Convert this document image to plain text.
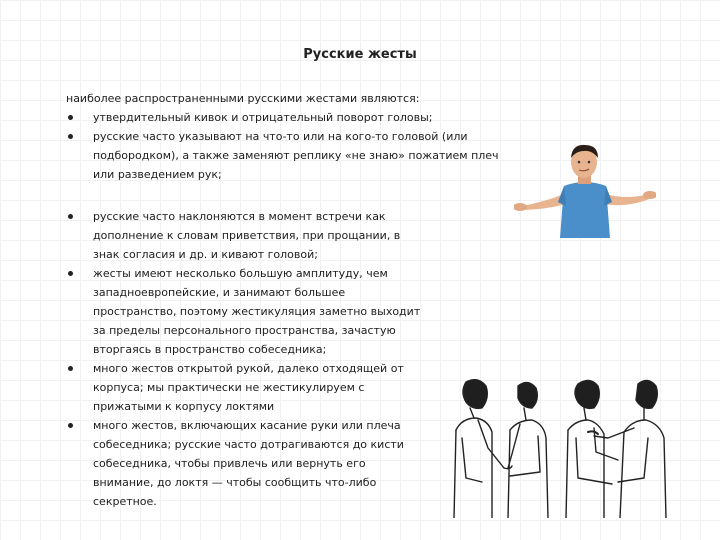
Русские жесты
наиболее распространенными русскими жестами являются:
утвердительный кивок и отрицательный поворот головы;
русские часто указывают на что-то или на кого-то головой (или
подбородком), а также заменяют реплику «не знаю» пожатием плеч
или разведением рук;
русские часто наклоняются в момент встречи как
дополнение к словам приветствия, при прощании, в
знак согласия и др. и кивают головой;
жесты имеют несколько большую амплитуду, чем
западноевропейские, и занимают большее
пространство, поэтому жестикуляция заметно выходит
за пределы персонального пространства, зачастую
вторгаясь в пространство собеседника;
много жестов открытой рукой, далеко отходящей от
корпуса; мы практически не жестикулируем с
прижатыми к корпусу локтями
много жестов, включающих касание руки или плеча
собеседника; русские часто дотрагиваются до кисти
собеседника, чтобы привлечь или вернуть его
внимание, до локтя — чтобы сообщить что-либо
секретное.
